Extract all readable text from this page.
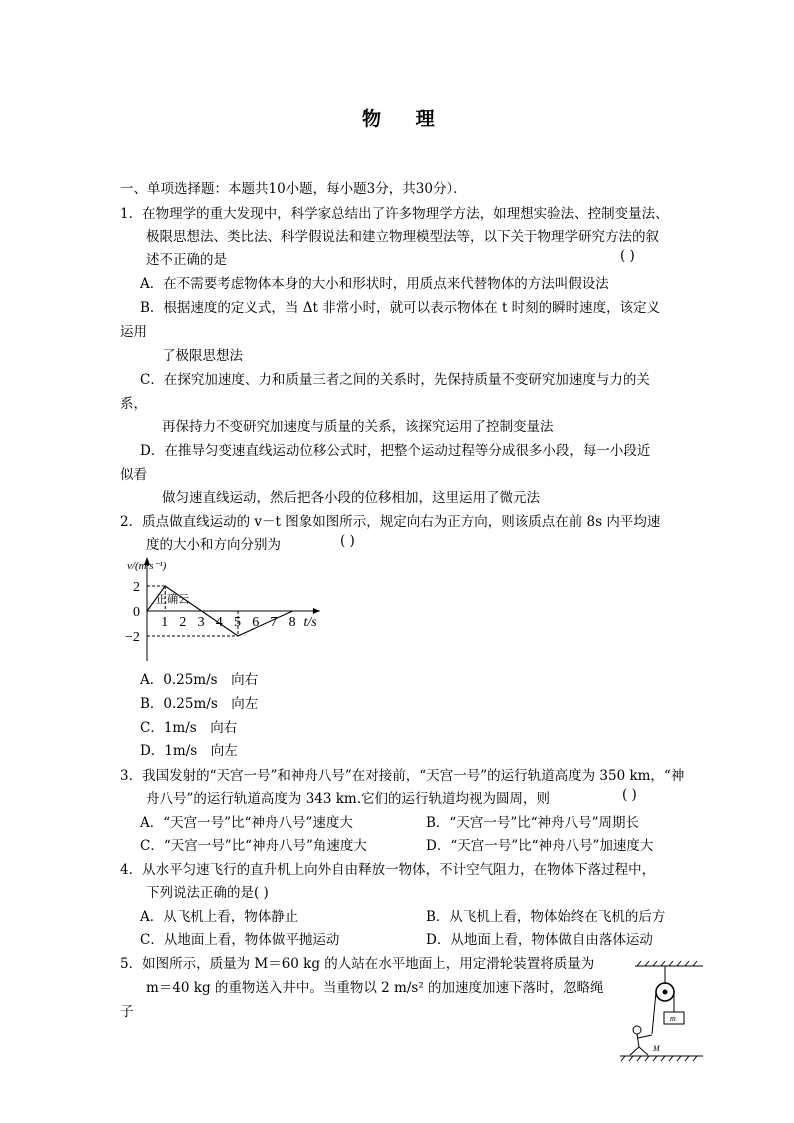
物 理
一、单项选择题：本题共10小题，每小题3分，共30分）．
1．在物理学的重大发现中，科学家总结出了许多物理学方法，如理想实验法、控制变量法、
极限思想法、类比法、科学假说法和建立物理模型法等，以下关于物理学研究方法的叙
述不正确的是	( )
A．在不需要考虑物体本身的大小和形状时，用质点来代替物体的方法叫假设法
B．根据速度的定义式，当 Δt 非常小时，就可以表示物体在 t 时刻的瞬时速度，该定义
运用
了极限思想法
C．在探究加速度、力和质量三者之间的关系时，先保持质量不变研究加速度与力的关
系，
再保持力不变研究加速度与质量的关系，该探究运用了控制变量法
D．在推导匀变速直线运动位移公式时，把整个运动过程等分成很多小段，每一小段近
似看
做匀速直线运动，然后把各小段的位移相加，这里运用了微元法
2．质点做直线运动的 v－t 图象如图所示，规定向右为正方向，则该质点在前 8s 内平均速
度的大小和方向分别为	( )
1 2 3 4 5 6 7 8
2
0
−2
v/(m·s⁻¹)
t/s
正确云
A．0.25m/s　向右
B．0.25m/s　向左
C．1m/s　向右
D．1m/s　向左
3．我国发射的“天宫一号”和神舟八号”在对接前，“天宫一号”的运行轨道高度为 350 km，“神
舟八号”的运行轨道高度为 343 km.它们的运行轨道均视为圆周，则	( )
A．“天宫一号”比“神舟八号”速度大	B．“天宫一号”比“神舟八号”周期长
C．“天宫一号”比“神舟八号”角速度大	D．“天宫一号”比“神舟八号”加速度大
4．从水平匀速飞行的直升机上向外自由释放一物体，不计空气阻力，在物体下落过程中，
下列说法正确的是( )
A．从飞机上看，物体静止	B．从飞机上看，物体始终在飞机的后方
C．从地面上看，物体做平抛运动	D．从地面上看，物体做自由落体运动
5．如图所示，质量为 M＝60 kg 的人站在水平地面上，用定滑轮装置将质量为
m＝40 kg 的重物送入井中。当重物以 2 m/s² 的加速度加速下落时，忽略绳
子	m
M
